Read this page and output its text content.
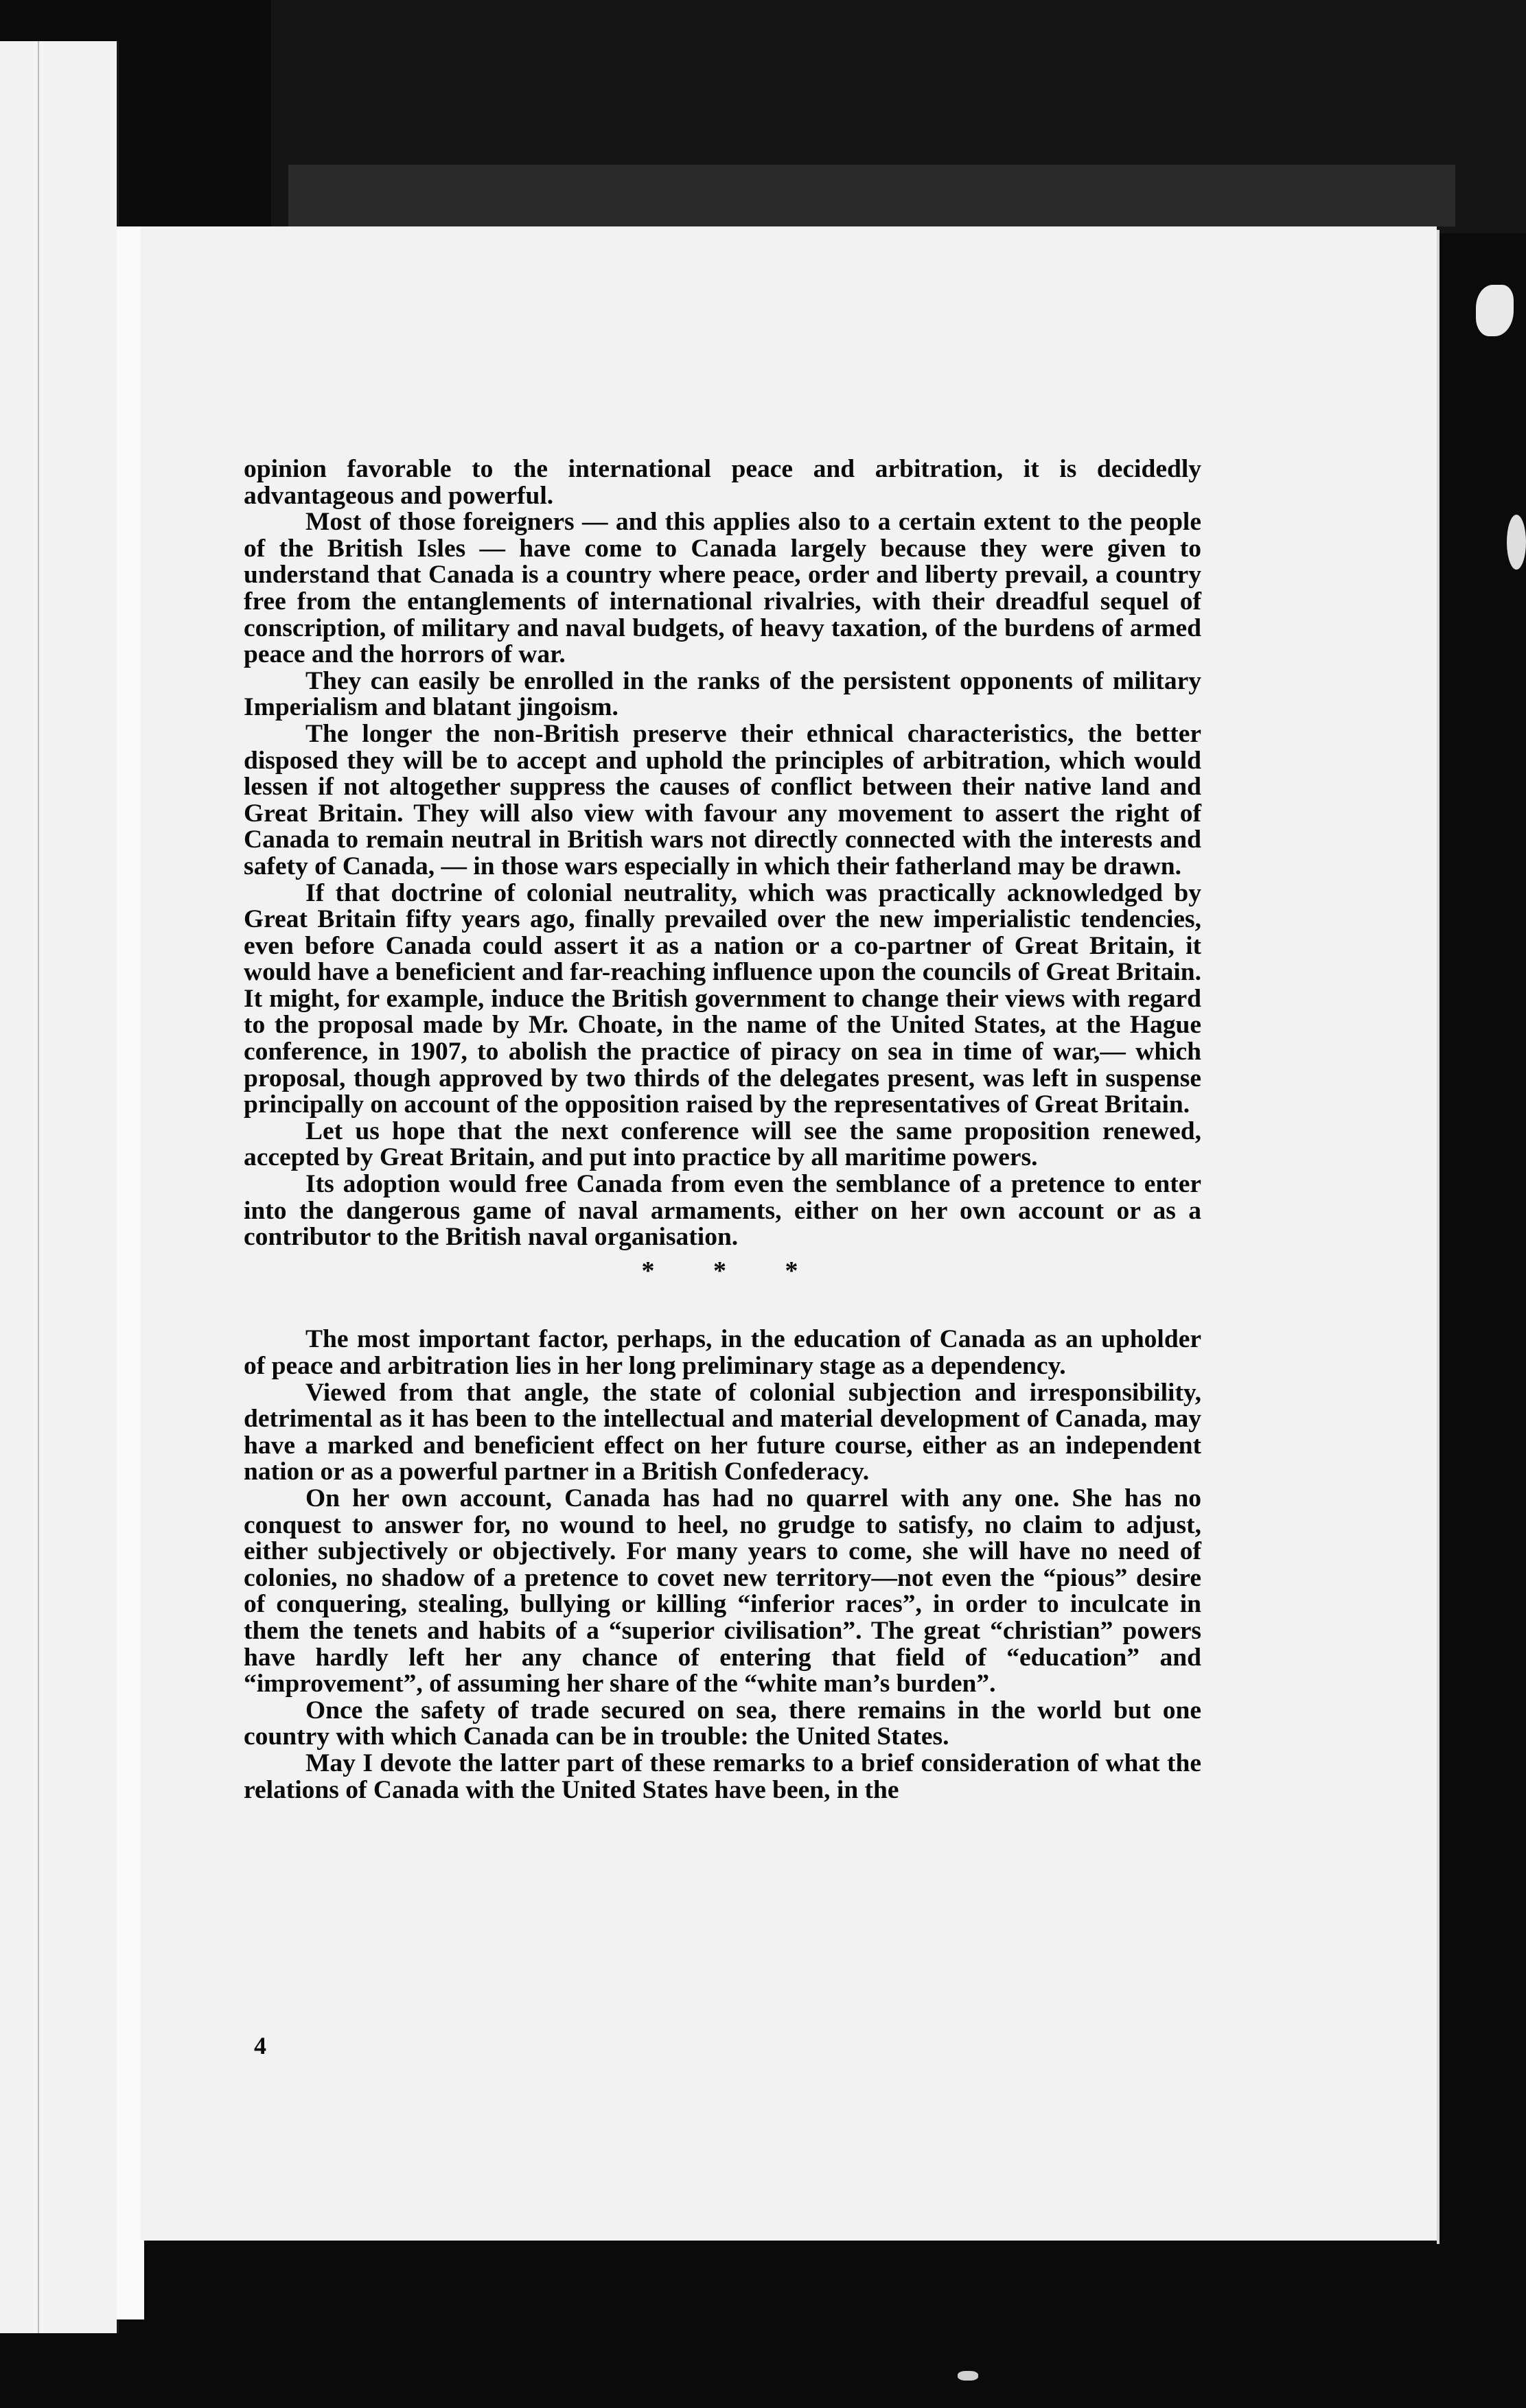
opinion favorable to the international peace and arbitration, it is decidedly advantageous and powerful.

Most of those foreigners — and this applies also to a certain extent to the people of the British Isles — have come to Canada largely because they were given to understand that Canada is a country where peace, order and liberty prevail, a country free from the entanglements of international rivalries, with their dreadful sequel of conscription, of military and naval budgets, of heavy taxation, of the burdens of armed peace and the horrors of war.

They can easily be enrolled in the ranks of the persistent opponents of military Imperialism and blatant jingoism.

The longer the non-British preserve their ethnical characteristics, the better disposed they will be to accept and uphold the principles of arbitration, which would lessen if not altogether suppress the causes of conflict between their native land and Great Britain. They will also view with favour any movement to assert the right of Canada to remain neutral in British wars not directly connected with the interests and safety of Canada, — in those wars especially in which their fatherland may be drawn.

If that doctrine of colonial neutrality, which was practically acknowledged by Great Britain fifty years ago, finally prevailed over the new imperialistic tendencies, even before Canada could assert it as a nation or a co-partner of Great Britain, it would have a beneficient and far-reaching influence upon the councils of Great Britain. It might, for example, induce the British government to change their views with regard to the proposal made by Mr. Choate, in the name of the United States, at the Hague conference, in 1907, to abolish the practice of piracy on sea in time of war,— which proposal, though approved by two thirds of the delegates present, was left in suspense principally on account of the opposition raised by the representatives of Great Britain.

Let us hope that the next conference will see the same proposition renewed, accepted by Great Britain, and put into practice by all maritime powers.

Its adoption would free Canada from even the semblance of a pretence to enter into the dangerous game of naval armaments, either on her own account or as a contributor to the British naval organisation.

* * *

The most important factor, perhaps, in the education of Canada as an upholder of peace and arbitration lies in her long preliminary stage as a dependency.

Viewed from that angle, the state of colonial subjection and irresponsibility, detrimental as it has been to the intellectual and material development of Canada, may have a marked and beneficient effect on her future course, either as an independent nation or as a powerful partner in a British Confederacy.

On her own account, Canada has had no quarrel with any one. She has no conquest to answer for, no wound to heel, no grudge to satisfy, no claim to adjust, either subjectively or objectively. For many years to come, she will have no need of colonies, no shadow of a pretence to covet new territory—not even the “pious” desire of conquering, stealing, bullying or killing “inferior races”, in order to inculcate in them the tenets and habits of a “superior civilisation”. The great “christian” powers have hardly left her any chance of entering that field of “education” and “improvement”, of assuming her share of the “white man’s burden”.

Once the safety of trade secured on sea, there remains in the world but one country with which Canada can be in trouble: the United States.

May I devote the latter part of these remarks to a brief consideration of what the relations of Canada with the United States have been, in the

4
